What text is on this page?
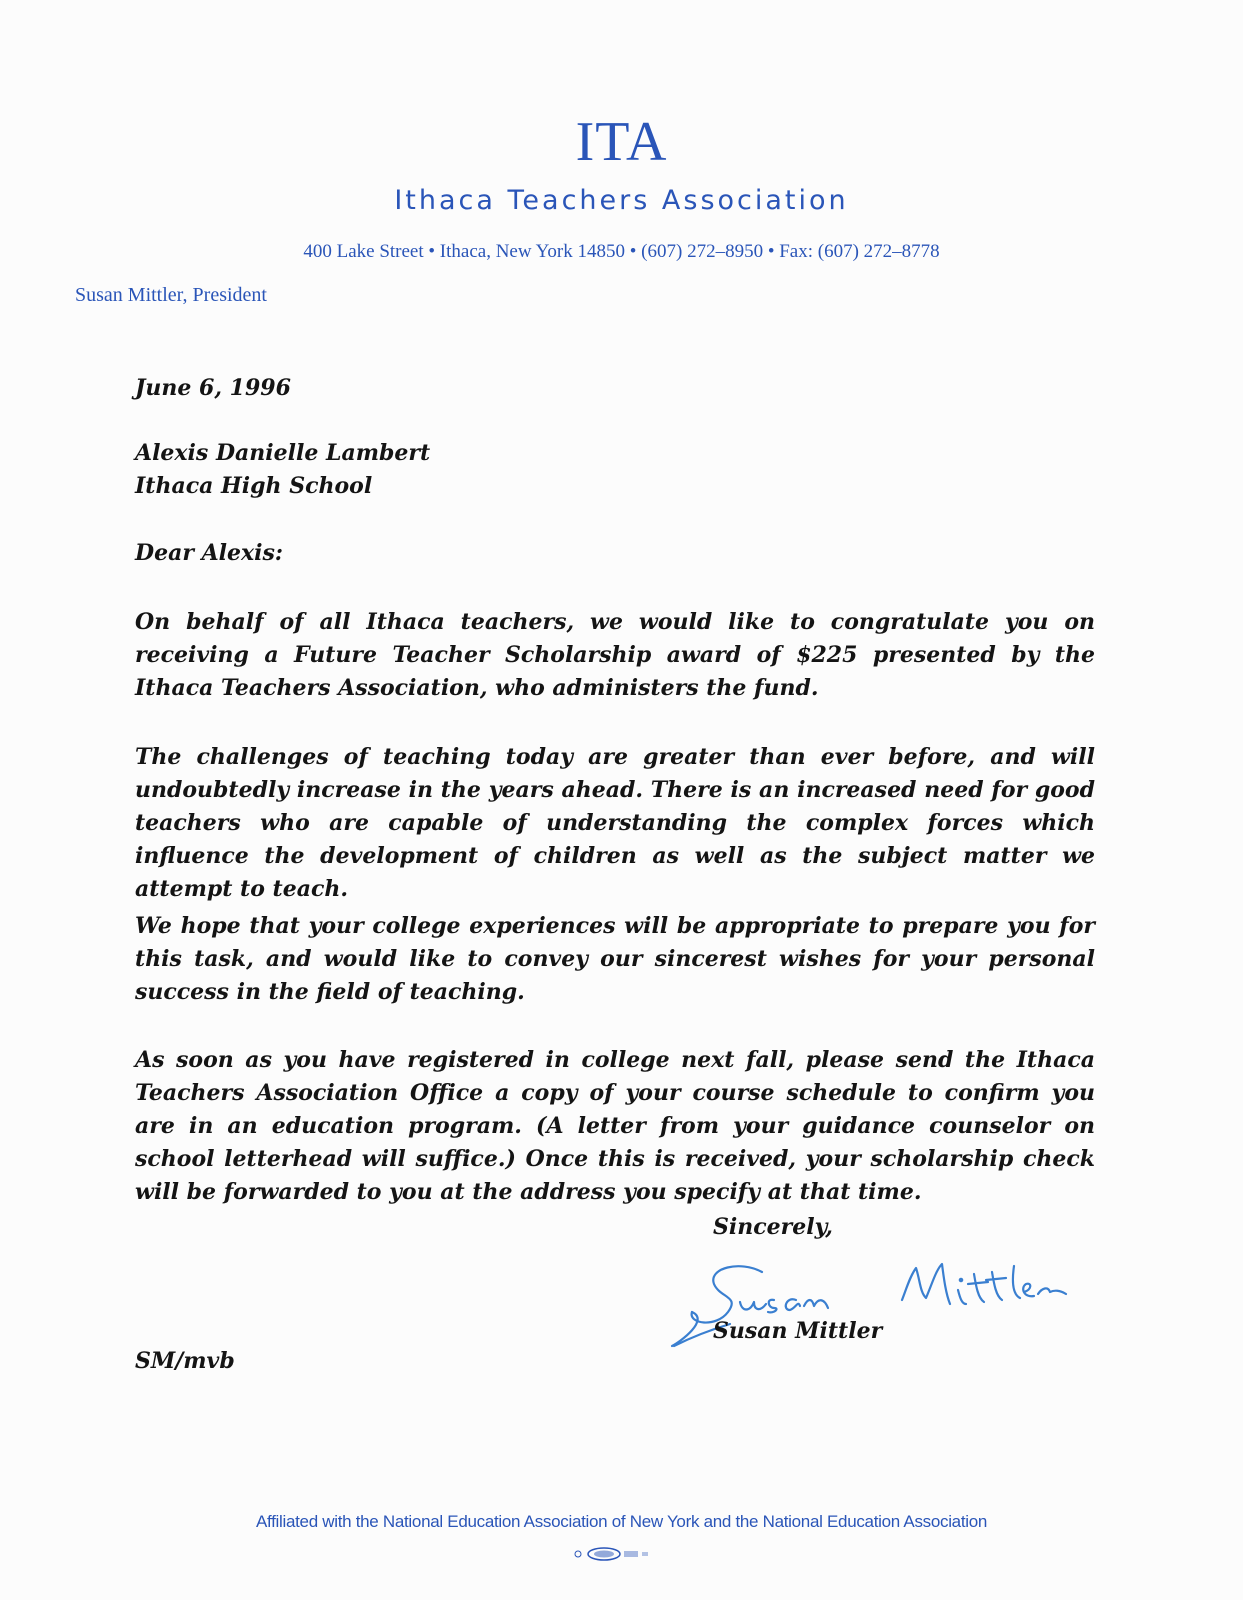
ITA
Ithaca Teachers Association
400 Lake Street • Ithaca, New York 14850 • (607) 272–8950 • Fax: (607) 272–8778
Susan Mittler, President
June 6, 1996
Alexis Danielle Lambert
Ithaca High School
Dear Alexis:
On behalf of all Ithaca teachers, we would like to congratulate you on receiving a Future Teacher Scholarship award of $225 presented by the Ithaca Teachers Association, who administers the fund.
The challenges of teaching today are greater than ever before, and will undoubtedly increase in the years ahead. There is an increased need for good teachers who are capable of understanding the complex forces which influence the development of children as well as the subject matter we attempt to teach.
We hope that your college experiences will be appropriate to prepare you for this task, and would like to convey our sincerest wishes for your personal success in the field of teaching.
As soon as you have registered in college next fall, please send the Ithaca Teachers Association Office a copy of your course schedule to confirm you are in an education program. (A letter from your guidance counselor on school letterhead will suffice.) Once this is received, your scholarship check will be forwarded to you at the address you specify at that time.
Sincerely,
Susan Mittler
SM/mvb
Affiliated with the National Education Association of New York and the National Education Association
